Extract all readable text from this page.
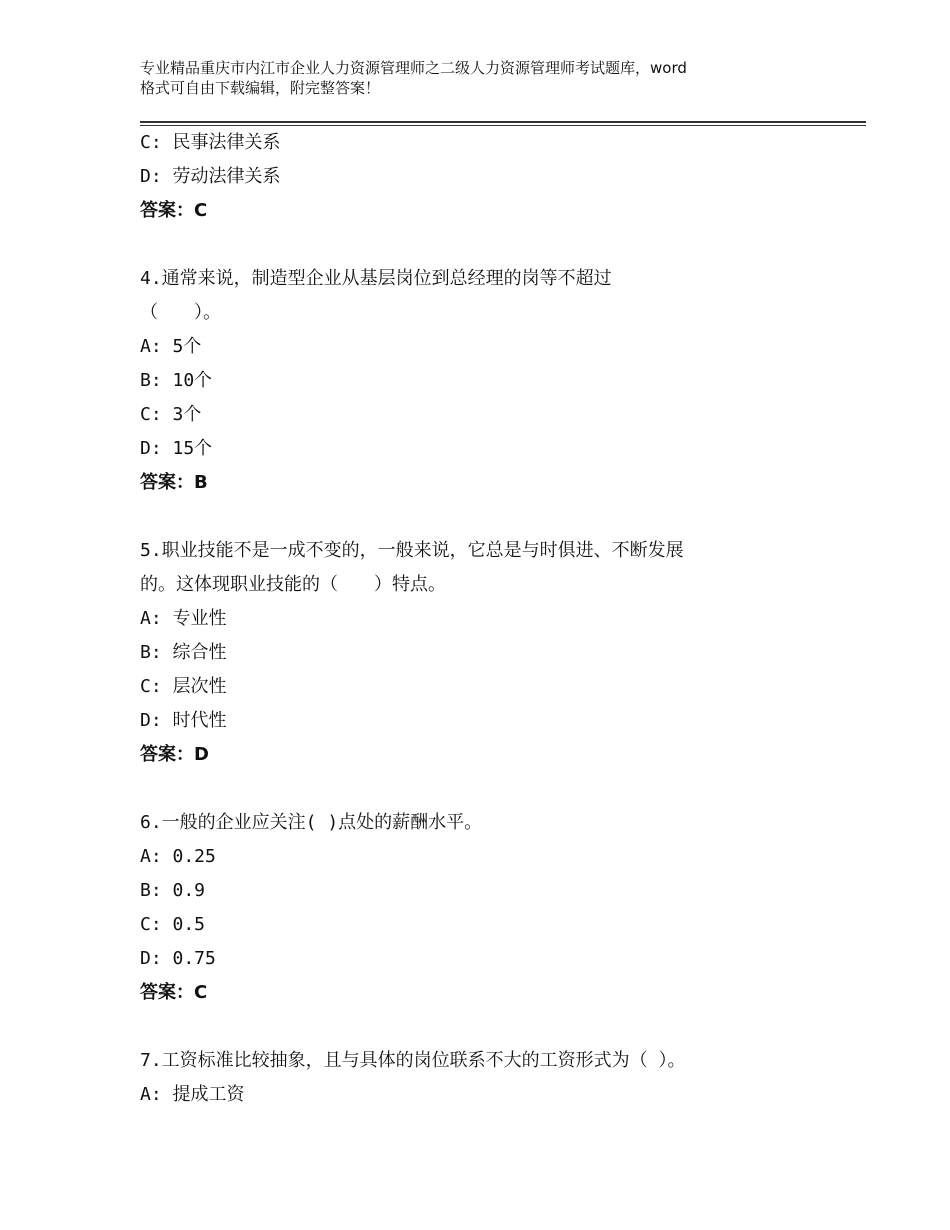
专业精品重庆市内江市企业人力资源管理师之二级人力资源管理师考试题库，word
格式可自由下载编辑，附完整答案！
C: 民事法律关系
D: 劳动法律关系
答案：C
4.通常来说，制造型企业从基层岗位到总经理的岗等不超过
（　　）。
A: 5个
B: 10个
C: 3个
D: 15个
答案：B
5.职业技能不是一成不变的，一般来说，它总是与时俱进、不断发展
的。这体现职业技能的（　　）特点。
A: 专业性
B: 综合性
C: 层次性
D: 时代性
答案：D
6.一般的企业应关注( )点处的薪酬水平。
A: 0.25
B: 0.9
C: 0.5
D: 0.75
答案：C
7.工资标准比较抽象，且与具体的岗位联系不大的工资形式为（ ）。
A: 提成工资
